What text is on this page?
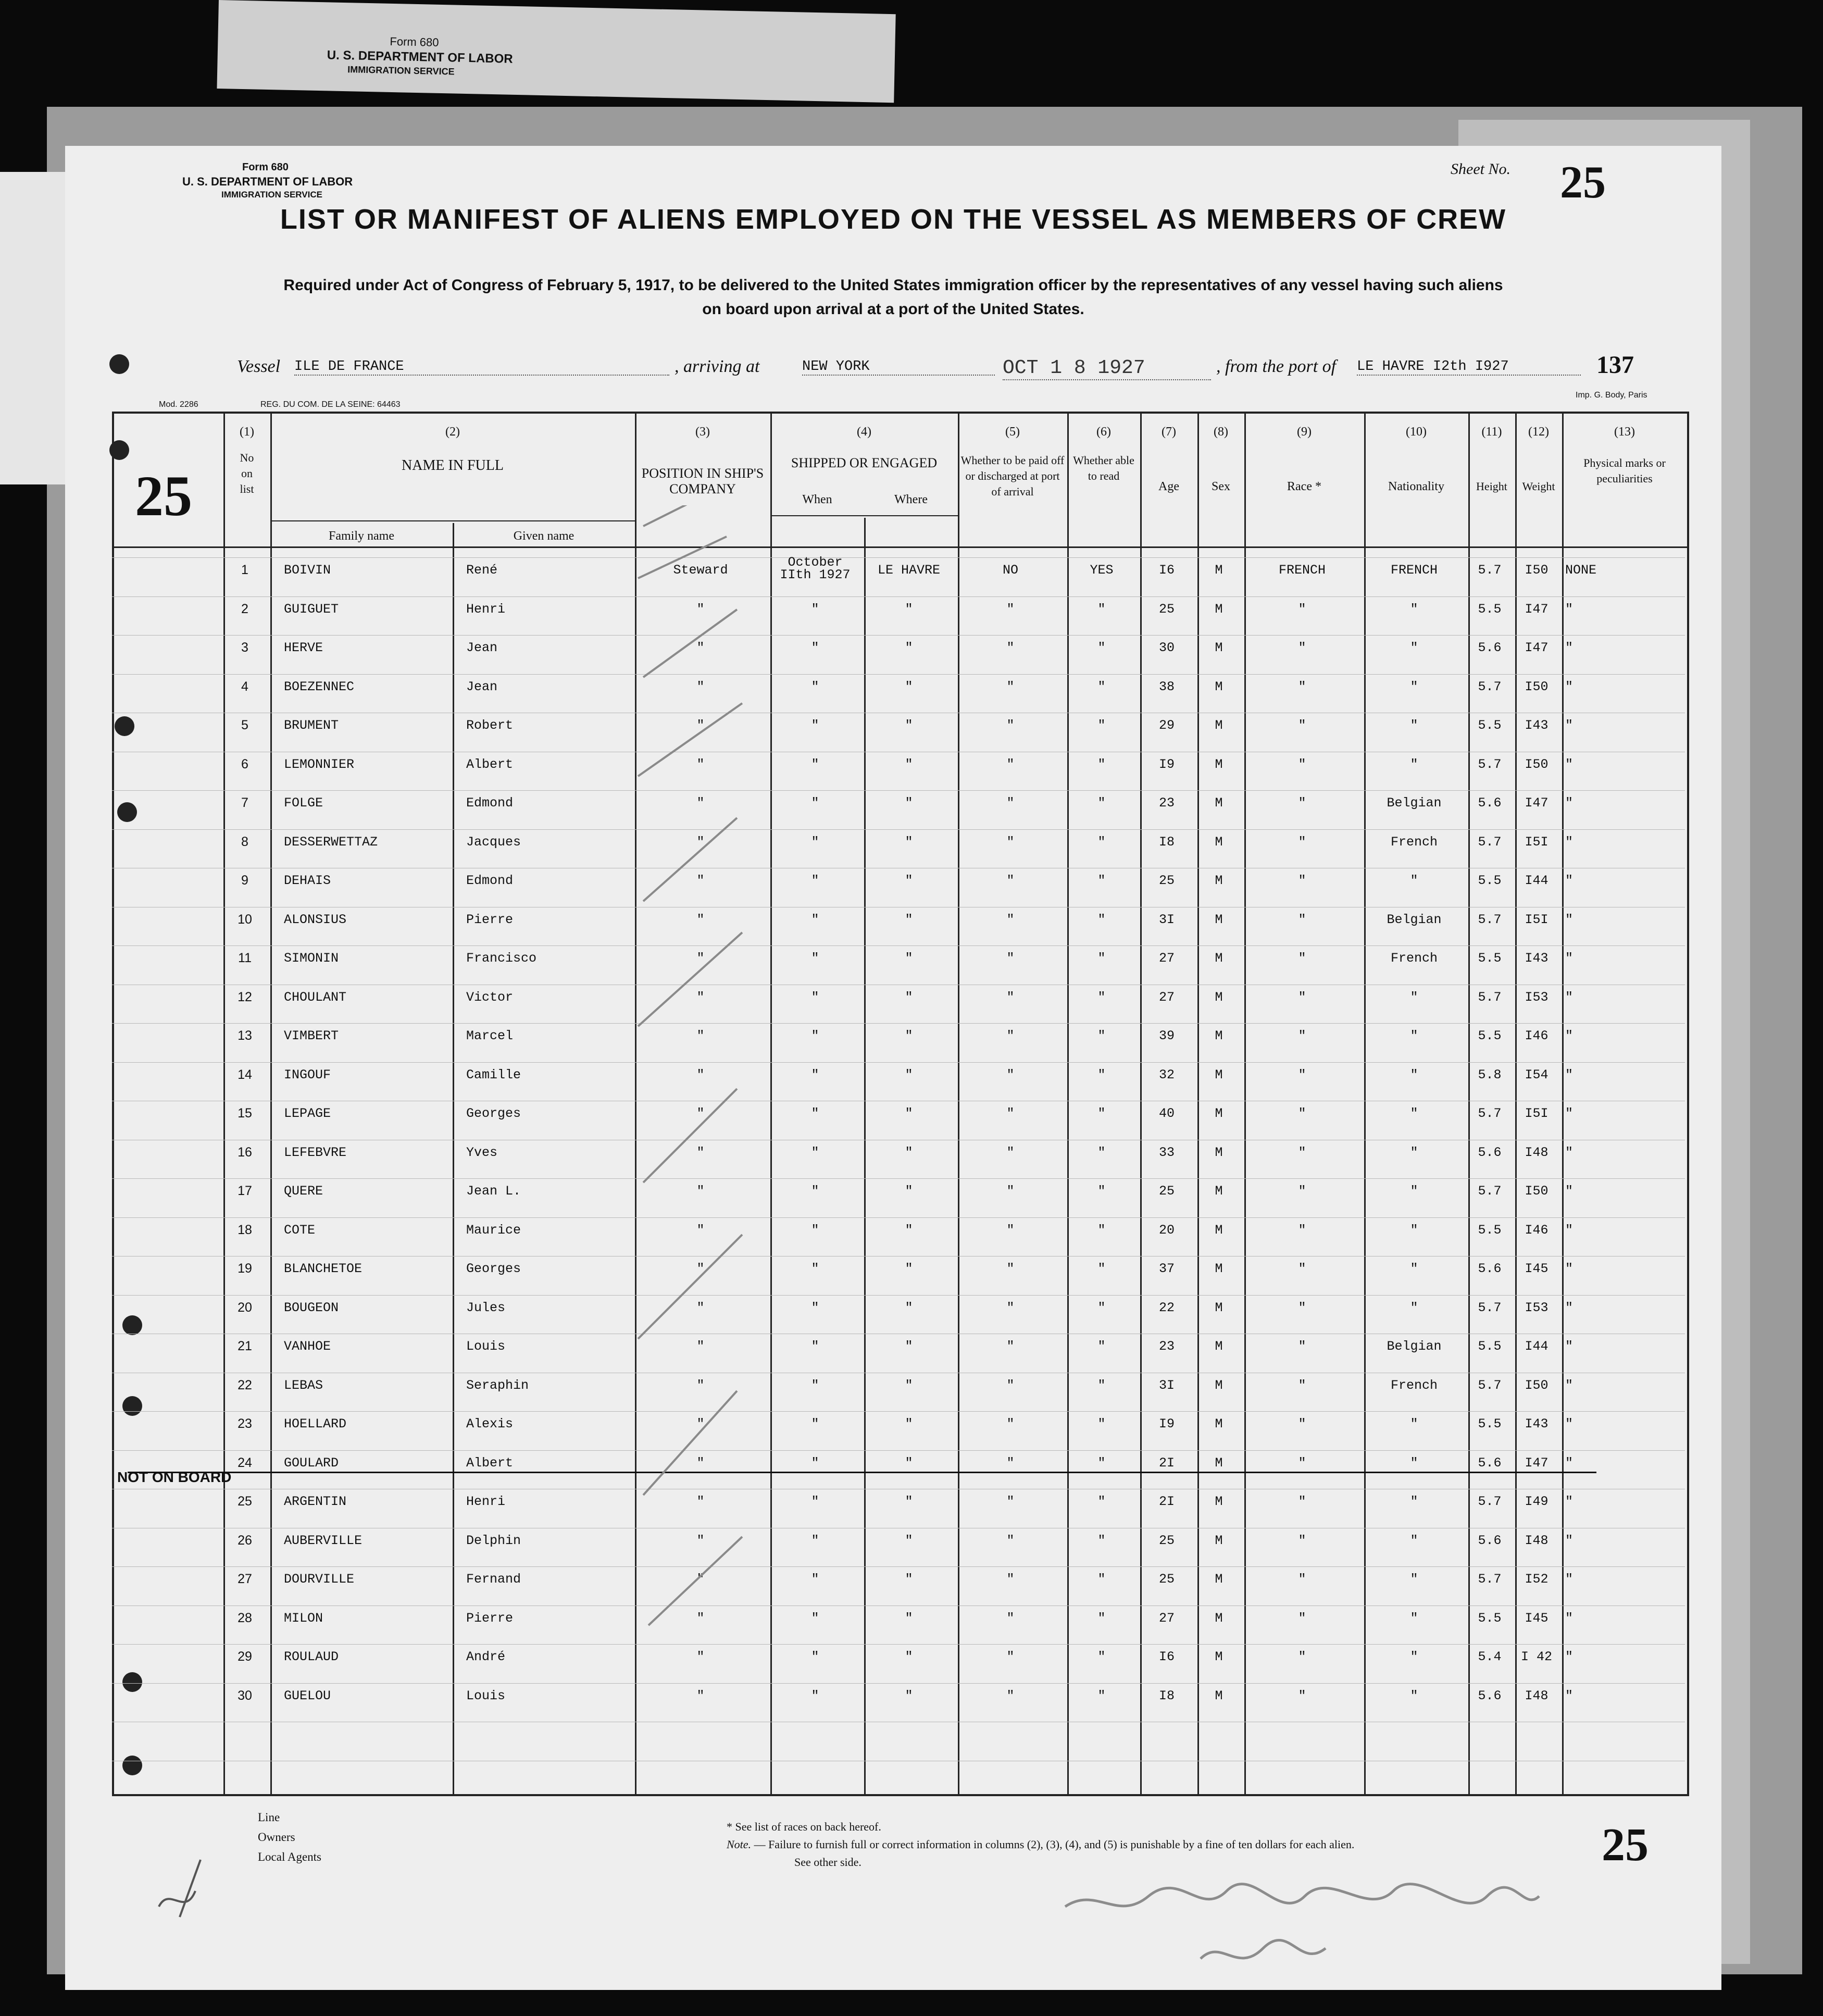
Form 680
U. S. DEPARTMENT OF LABOR
IMMIGRATION SERVICE
Form 680
U. S. DEPARTMENT OF LABOR
IMMIGRATION SERVICE
Sheet No. 25
LIST OR MANIFEST OF ALIENS EMPLOYED ON THE VESSEL AS MEMBERS OF CREW
Required under Act of Congress of February 5, 1917, to be delivered to the United States immigration officer by the representatives of any vessel having such aliens
on board upon arrival at a port of the United States.
Vessel ILE DE FRANCE	, arriving at	NEW YORK	OCT 1 8 1927	, from the port of LE HAVRE I2th I927	137
Mod. 2286	REG. DU COM. DE LA SEINE: 64463
Imp. G. Body, Paris
25
(1)
No
on
list
(2)
NAME IN FULL
Family name	Given name
(3)
POSITION IN SHIP'S COMPANY
(4)
SHIPPED OR ENGAGED
When	Where
(5)
Whether to be paid off or discharged at port of arrival
(6)
Whether able to read
(7)
Age
(8)
Sex
(9)
Race *
(10)
Nationality
(11)
Height
(12)
Weight
(13)
Physical marks or peculiarities
1	BOIVIN	René	Steward
October
IIth 1927	LE HAVRE	NO	YES	I6	M	FRENCH	FRENCH	5.7	I50	NONE
2	GUIGUET	Henri	"	"	"	"	"	25	M	"	"	5.5	I47	"
3	HERVE	Jean	"	"	"	"	"	30	M	"	"	5.6	I47	"
4	BOEZENNEC	Jean	"	"	"	"	"	38	M	"	"	5.7	I50	"
5	BRUMENT	Robert	"	"	"	"	"	29	M	"	"	5.5	I43	"
6	LEMONNIER	Albert	"	"	"	"	"	I9	M	"	"	5.7	I50	"
7	FOLGE	Edmond	"	"	"	"	"	23	M	"	Belgian	5.6	I47	"
8	DESSERWETTAZ	Jacques	"	"	"	"	"	I8	M	"	French	5.7	I5I	"
9	DEHAIS	Edmond	"	"	"	"	"	25	M	"	"	5.5	I44	"
10	ALONSIUS	Pierre	"	"	"	"	"	3I	M	"	Belgian	5.7	I5I	"
11	SIMONIN	Francisco	"	"	"	"	"	27	M	"	French	5.5	I43	"
12	CHOULANT	Victor	"	"	"	"	"	27	M	"	"	5.7	I53	"
13	VIMBERT	Marcel	"	"	"	"	"	39	M	"	"	5.5	I46	"
14	INGOUF	Camille	"	"	"	"	"	32	M	"	"	5.8	I54	"
15	LEPAGE	Georges	"	"	"	"	"	40	M	"	"	5.7	I5I	"
16	LEFEBVRE	Yves	"	"	"	"	"	33	M	"	"	5.6	I48	"
17	QUERE	Jean L.	"	"	"	"	"	25	M	"	"	5.7	I50	"
18	COTE	Maurice	"	"	"	"	"	20	M	"	"	5.5	I46	"
19	BLANCHETOE	Georges	"	"	"	"	"	37	M	"	"	5.6	I45	"
20	BOUGEON	Jules	"	"	"	"	"	22	M	"	"	5.7	I53	"
21	VANHOE	Louis	"	"	"	"	"	23	M	"	Belgian	5.5	I44	"
22	LEBAS	Seraphin	"	"	"	"	"	3I	M	"	French	5.7	I50	"
23	HOELLARD	Alexis	"	"	"	"	"	I9	M	"	"	5.5	I43	"
24	GOULARD	Albert	"	"	"	"	"	2I	M	"	"	5.6	I47	"
25	ARGENTIN	Henri	"	"	"	"	"	2I	M	"	"	5.7	I49	"
26	AUBERVILLE	Delphin	"	"	"	"	"	25	M	"	"	5.6	I48	"
27	DOURVILLE	Fernand	"	"	"	"	"	25	M	"	"	5.7	I52	"
28	MILON	Pierre	"	"	"	"	"	27	M	"	"	5.5	I45	"
29	ROULAUD	André	"	"	"	"	"	I6	M	"	"	5.4	I 42	"
30	GUELOU	Louis	"	"	"	"	"	I8	M	"	"	5.6	I48	"
NOT ON BOARD
Line
Owners
Local Agents
* See list of races on back hereof.
Note. — Failure to furnish full or correct information in columns (2), (3), (4), and (5) is punishable by a fine of ten dollars for each alien.
See other side.	25
